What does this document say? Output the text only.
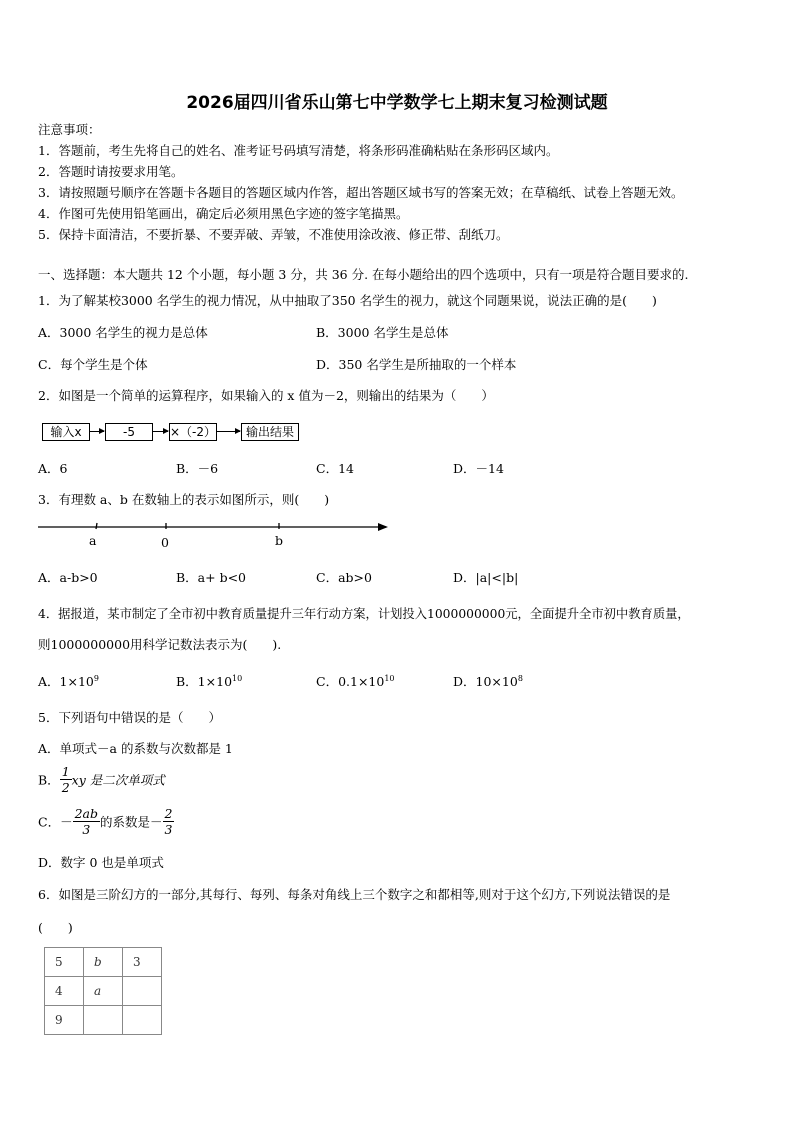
2026届四川省乐山第七中学数学七上期末复习检测试题
注意事项：
1．答题前，考生先将自己的姓名、准考证号码填写清楚，将条形码准确粘贴在条形码区域内。
2．答题时请按要求用笔。
3．请按照题号顺序在答题卡各题目的答题区域内作答，超出答题区域书写的答案无效；在草稿纸、试卷上答题无效。
4．作图可先使用铅笔画出，确定后必须用黑色字迹的签字笔描黑。
5．保持卡面清洁，不要折暴、不要弄破、弄皱，不准使用涂改液、修正带、刮纸刀。
一、选择题：本大题共 12 个小题，每小题 3 分，共 36 分. 在每小题给出的四个选项中，只有一项是符合题目要求的.
1．为了解某校3000 名学生的视力情况，从中抽取了350 名学生的视力，就这个同题果说，说法正确的是(　　)
A．3000 名学生的视力是总体	B．3000 名学生是总体
C．每个学生是个体	D．350 名学生是所抽取的一个样本
2．如图是一个简单的运算程序，如果输入的 x 值为－2，则输出的结果为（　　）
输入x	-5	×（-2）	输出结果
A．6	B．－6	C．14	D．－14
3．有理数 a、b 在数轴上的表示如图所示，则(　　)
a	0	b
A．a-b>0	B．a+ b<0	C．ab>0	D．|a|<|b|
4．据报道，某市制定了全市初中教育质量提升三年行动方案，计划投入1000000000元，全面提升全市初中教育质量，
则1000000000用科学记数法表示为(　　).
A．$1\times 10^9$	B．$1\times 10^{10}$	C．$0.1\times 10^{10}$	D．$10\times 10^8$
5．下列语句中错误的是（　　）
A．单项式－a 的系数与次数都是 1
B． $\frac{1}{2}$ xy 是二次单项式
C．－ $\frac{2ab}{3}$ 的系数是－ $\frac{2}{3}$
D．数字 0 也是单项式
6．如图是三阶幻方的一部分,其每行、每列、每条对角线上三个数字之和都相等,则对于这个幻方,下列说法错误的是
(　　)
5	b	3
4	a	
9		
